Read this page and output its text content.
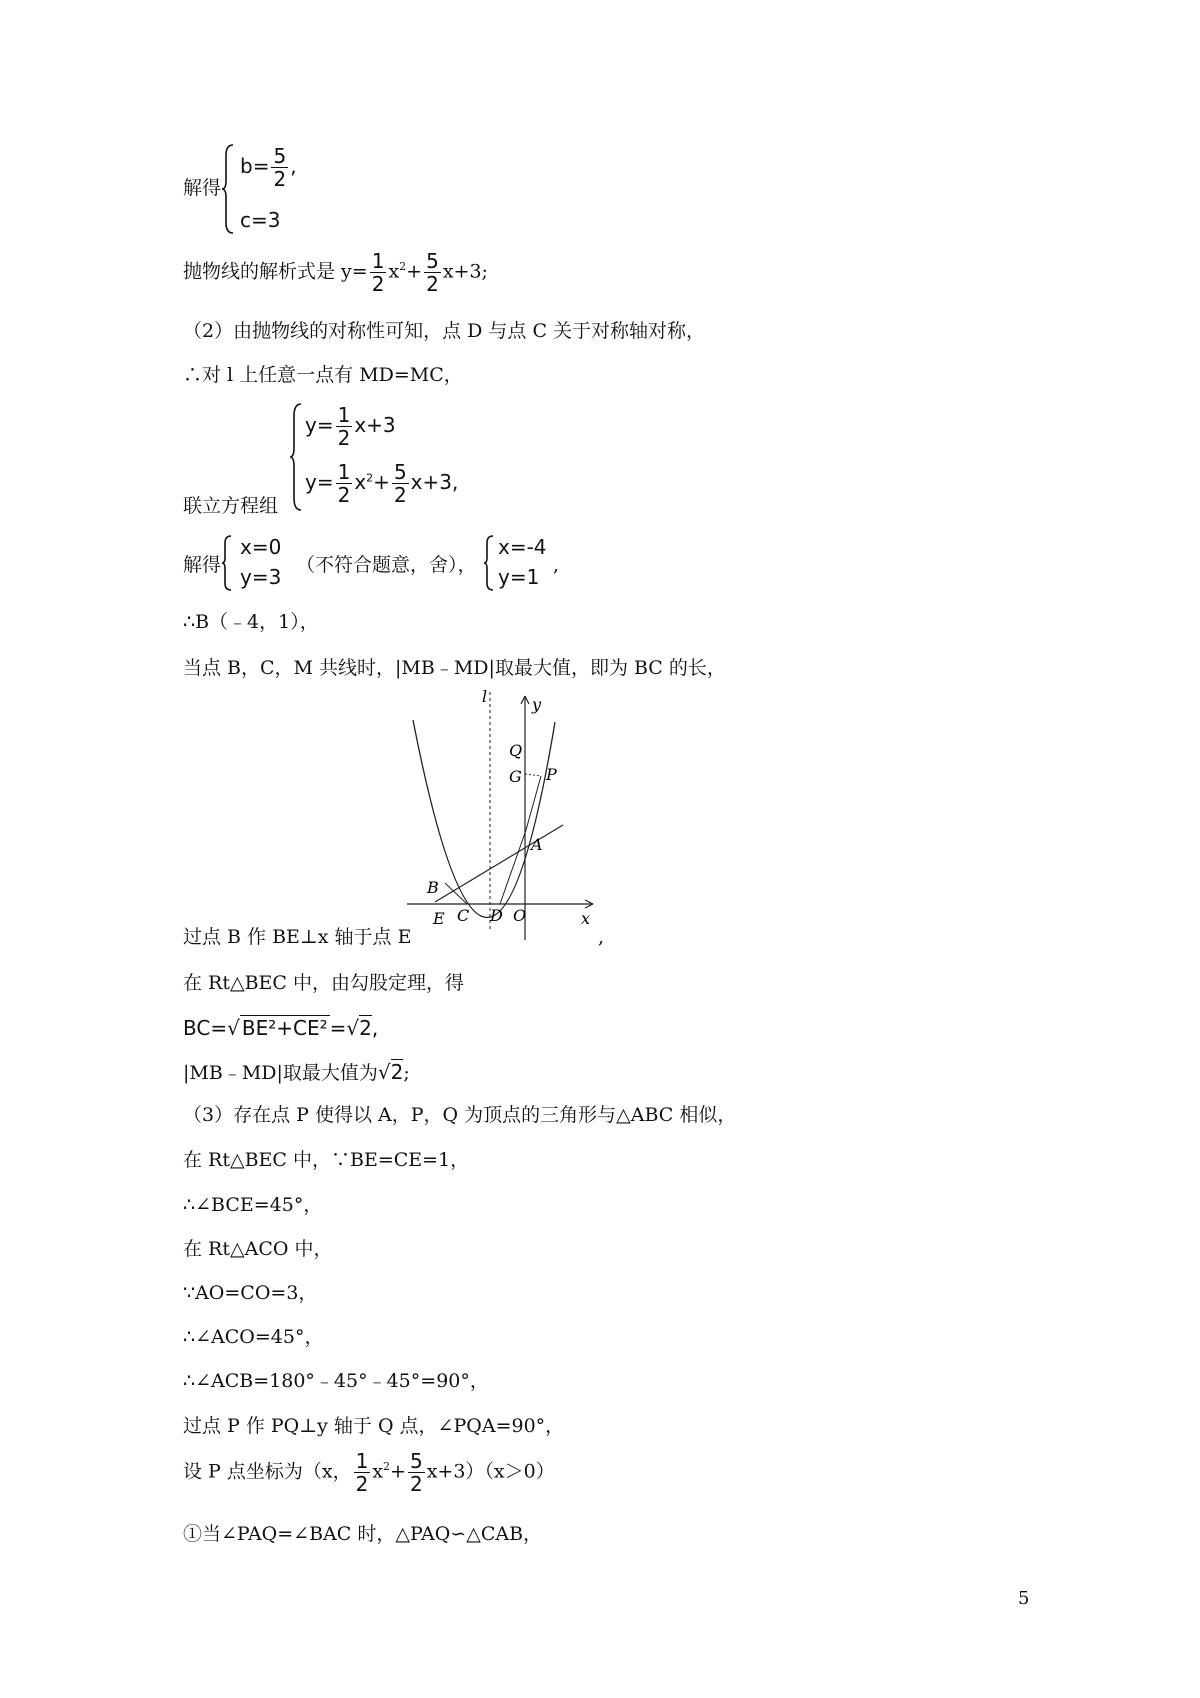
解得
$b= \frac{5}{2}$ ,
c=3
抛物线的解析式是 $y= \frac{1}{2} x^2+ \frac{5}{2} x+3$;
（2）由抛物线的对称性可知，点 D 与点 C 关于对称轴对称，
∴对 l 上任意一点有 MD=MC，
联立方程组
$y= \frac{1}{2} x+3$
$y= \frac{1}{2} x^2+ \frac{5}{2} x+3$,
解得
x=0
y=3 （不符合题意，舍），
x=-4
y=1 ,
∴B（﹣4，1），
当点 B，C，M 共线时，|MB﹣MD|取最大值，即为 BC 的长，
l	y
x
Q
G P
A
B
E C D O
过点 B 作 BE⊥x 轴于点 E	,
在 Rt△BEC 中，由勾股定理，得
BC=√ BE²+CE² =√2,
|MB﹣MD|取最大值为√2;
（3）存在点 P 使得以 A，P，Q 为顶点的三角形与△ABC 相似，
在 Rt△BEC 中，∵BE=CE=1，
∴∠BCE=45°，
在 Rt△ACO 中，
∵AO=CO=3，
∴∠ACO=45°，
∴∠ACB=180°﹣45°﹣45°=90°，
过点 P 作 PQ⊥y 轴于 Q 点，∠PQA=90°，
设 P 点坐标为（x， $\frac{1}{2} x^2+ \frac{5}{2} x+3)(x>0)$
①当∠PAQ=∠BAC 时，△PAQ∽△CAB，
5
